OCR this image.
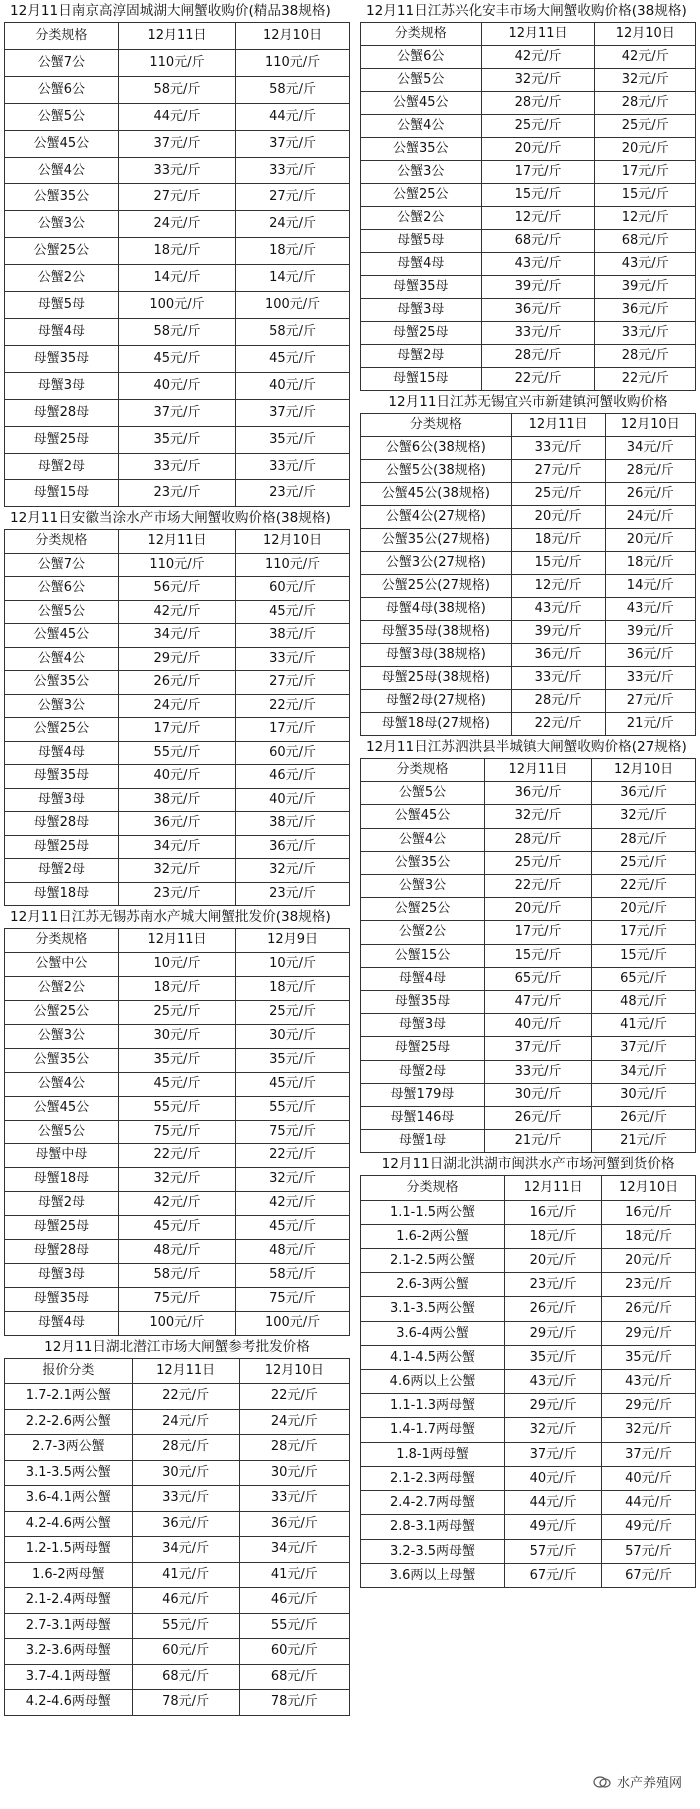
12月11日南京高淳固城湖大闸蟹收购价(精品38规格)
分类规格	12月11日	12月10日
公蟹7公	110元/斤	110元/斤
公蟹6公	58元/斤	58元/斤
公蟹5公	44元/斤	44元/斤
公蟹45公	37元/斤	37元/斤
公蟹4公	33元/斤	33元/斤
公蟹35公	27元/斤	27元/斤
公蟹3公	24元/斤	24元/斤
公蟹25公	18元/斤	18元/斤
公蟹2公	14元/斤	14元/斤
母蟹5母	100元/斤	100元/斤
母蟹4母	58元/斤	58元/斤
母蟹35母	45元/斤	45元/斤
母蟹3母	40元/斤	40元/斤
母蟹28母	37元/斤	37元/斤
母蟹25母	35元/斤	35元/斤
母蟹2母	33元/斤	33元/斤
母蟹15母	23元/斤	23元/斤
12月11日安徽当涂水产市场大闸蟹收购价格(38规格)
分类规格	12月11日	12月10日
公蟹7公	110元/斤	110元/斤
公蟹6公	56元/斤	60元/斤
公蟹5公	42元/斤	45元/斤
公蟹45公	34元/斤	38元/斤
公蟹4公	29元/斤	33元/斤
公蟹35公	26元/斤	27元/斤
公蟹3公	24元/斤	22元/斤
公蟹25公	17元/斤	17元/斤
母蟹4母	55元/斤	60元/斤
母蟹35母	40元/斤	46元/斤
母蟹3母	38元/斤	40元/斤
母蟹28母	36元/斤	38元/斤
母蟹25母	34元/斤	36元/斤
母蟹2母	32元/斤	32元/斤
母蟹18母	23元/斤	23元/斤
12月11日江苏无锡苏南水产城大闸蟹批发价(38规格)
分类规格	12月11日	12月9日
公蟹中公	10元/斤	10元/斤
公蟹2公	18元/斤	18元/斤
公蟹25公	25元/斤	25元/斤
公蟹3公	30元/斤	30元/斤
公蟹35公	35元/斤	35元/斤
公蟹4公	45元/斤	45元/斤
公蟹45公	55元/斤	55元/斤
公蟹5公	75元/斤	75元/斤
母蟹中母	22元/斤	22元/斤
母蟹18母	32元/斤	32元/斤
母蟹2母	42元/斤	42元/斤
母蟹25母	45元/斤	45元/斤
母蟹28母	48元/斤	48元/斤
母蟹3母	58元/斤	58元/斤
母蟹35母	75元/斤	75元/斤
母蟹4母	100元/斤	100元/斤
12月11日湖北潜江市场大闸蟹参考批发价格
报价分类	12月11日	12月10日
1.7-2.1两公蟹	22元/斤	22元/斤
2.2-2.6两公蟹	24元/斤	24元/斤
2.7-3两公蟹	28元/斤	28元/斤
3.1-3.5两公蟹	30元/斤	30元/斤
3.6-4.1两公蟹	33元/斤	33元/斤
4.2-4.6两公蟹	36元/斤	36元/斤
1.2-1.5两母蟹	34元/斤	34元/斤
1.6-2两母蟹	41元/斤	41元/斤
2.1-2.4两母蟹	46元/斤	46元/斤
2.7-3.1两母蟹	55元/斤	55元/斤
3.2-3.6两母蟹	60元/斤	60元/斤
3.7-4.1两母蟹	68元/斤	68元/斤
4.2-4.6两母蟹	78元/斤	78元/斤
12月11日江苏兴化安丰市场大闸蟹收购价格(38规格)
分类规格	12月11日	12月10日
公蟹6公	42元/斤	42元/斤
公蟹5公	32元/斤	32元/斤
公蟹45公	28元/斤	28元/斤
公蟹4公	25元/斤	25元/斤
公蟹35公	20元/斤	20元/斤
公蟹3公	17元/斤	17元/斤
公蟹25公	15元/斤	15元/斤
公蟹2公	12元/斤	12元/斤
母蟹5母	68元/斤	68元/斤
母蟹4母	43元/斤	43元/斤
母蟹35母	39元/斤	39元/斤
母蟹3母	36元/斤	36元/斤
母蟹25母	33元/斤	33元/斤
母蟹2母	28元/斤	28元/斤
母蟹15母	22元/斤	22元/斤
12月11日江苏无锡宜兴市新建镇河蟹收购价格
分类规格	12月11日	12月10日
公蟹6公(38规格)	33元/斤	34元/斤
公蟹5公(38规格)	27元/斤	28元/斤
公蟹45公(38规格)	25元/斤	26元/斤
公蟹4公(27规格)	20元/斤	24元/斤
公蟹35公(27规格)	18元/斤	20元/斤
公蟹3公(27规格)	15元/斤	18元/斤
公蟹25公(27规格)	12元/斤	14元/斤
母蟹4母(38规格)	43元/斤	43元/斤
母蟹35母(38规格)	39元/斤	39元/斤
母蟹3母(38规格)	36元/斤	36元/斤
母蟹25母(38规格)	33元/斤	33元/斤
母蟹2母(27规格)	28元/斤	27元/斤
母蟹18母(27规格)	22元/斤	21元/斤
12月11日江苏泗洪县半城镇大闸蟹收购价格(27规格)
分类规格	12月11日	12月10日
公蟹5公	36元/斤	36元/斤
公蟹45公	32元/斤	32元/斤
公蟹4公	28元/斤	28元/斤
公蟹35公	25元/斤	25元/斤
公蟹3公	22元/斤	22元/斤
公蟹25公	20元/斤	20元/斤
公蟹2公	17元/斤	17元/斤
公蟹15公	15元/斤	15元/斤
母蟹4母	65元/斤	65元/斤
母蟹35母	47元/斤	48元/斤
母蟹3母	40元/斤	41元/斤
母蟹25母	37元/斤	37元/斤
母蟹2母	33元/斤	34元/斤
母蟹179母	30元/斤	30元/斤
母蟹146母	26元/斤	26元/斤
母蟹1母	21元/斤	21元/斤
12月11日湖北洪湖市闽洪水产市场河蟹到货价格
分类规格	12月11日	12月10日
1.1-1.5两公蟹	16元/斤	16元/斤
1.6-2两公蟹	18元/斤	18元/斤
2.1-2.5两公蟹	20元/斤	20元/斤
2.6-3两公蟹	23元/斤	23元/斤
3.1-3.5两公蟹	26元/斤	26元/斤
3.6-4两公蟹	29元/斤	29元/斤
4.1-4.5两公蟹	35元/斤	35元/斤
4.6两以上公蟹	43元/斤	43元/斤
1.1-1.3两母蟹	29元/斤	29元/斤
1.4-1.7两母蟹	32元/斤	32元/斤
1.8-1两母蟹	37元/斤	37元/斤
2.1-2.3两母蟹	40元/斤	40元/斤
2.4-2.7两母蟹	44元/斤	44元/斤
2.8-3.1两母蟹	49元/斤	49元/斤
3.2-3.5两母蟹	57元/斤	57元/斤
3.6两以上母蟹	67元/斤	67元/斤
水产养殖网
